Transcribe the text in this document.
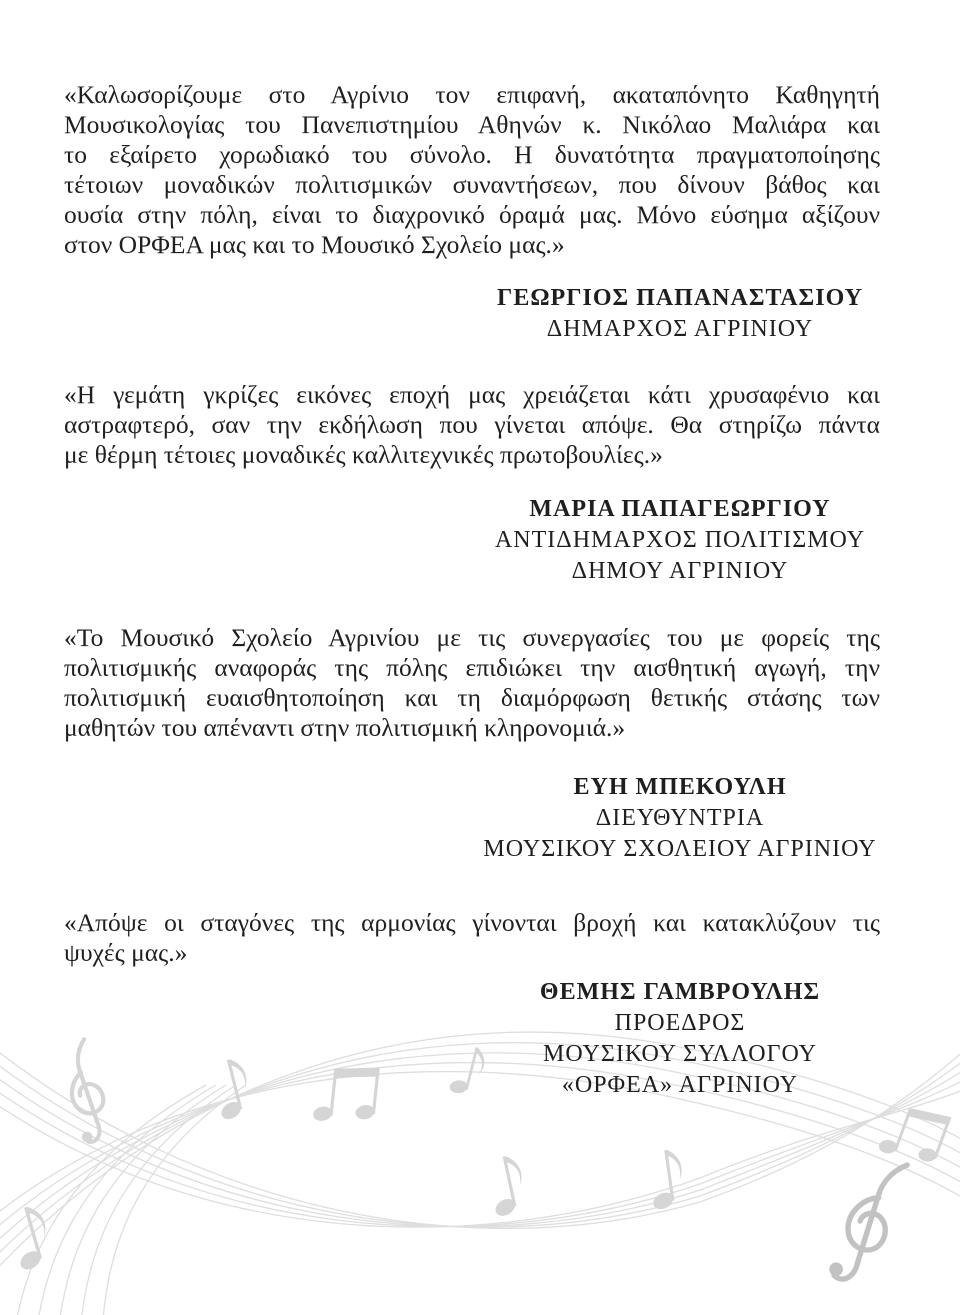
«Καλωσορίζουμε στο Αγρίνιο τον επιφανή, ακαταπόνητο Καθηγητή
Μουσικολογίας του Πανεπιστημίου Αθηνών κ. Νικόλαο Μαλιάρα και
το εξαίρετο χορωδιακό του σύνολο. Η δυνατότητα πραγματοποίησης
τέτοιων μοναδικών πολιτισμικών συναντήσεων, που δίνουν βάθος και
ουσία στην πόλη, είναι το διαχρονικό όραμά μας. Μόνο εύσημα αξίζουν
στον ΟΡΦΕΑ μας και το Μουσικό Σχολείο μας.»
ΓΕΩΡΓΙΟΣ ΠΑΠΑΝΑΣΤΑΣΙΟΥ
ΔΗΜΑΡΧΟΣ ΑΓΡΙΝΙΟΥ
«Η γεμάτη γκρίζες εικόνες εποχή μας χρειάζεται κάτι χρυσαφένιο και
αστραφτερό, σαν την εκδήλωση που γίνεται απόψε. Θα στηρίζω πάντα
με θέρμη τέτοιες μοναδικές καλλιτεχνικές πρωτοβουλίες.»
ΜΑΡΙΑ ΠΑΠΑΓΕΩΡΓΙΟΥ
ΑΝΤΙΔΗΜΑΡΧΟΣ ΠΟΛΙΤΙΣΜΟΥ
ΔΗΜΟΥ ΑΓΡΙΝΙΟΥ
«Το Μουσικό Σχολείο Αγρινίου με τις συνεργασίες του με φορείς της
πολιτισμικής αναφοράς της πόλης επιδιώκει την αισθητική αγωγή, την
πολιτισμική ευαισθητοποίηση και τη διαμόρφωση θετικής στάσης των
μαθητών του απέναντι στην πολιτισμική κληρονομιά.»
ΕΥΗ ΜΠΕΚΟΥΛΗ
ΔΙΕΥΘΥΝΤΡΙΑ
ΜΟΥΣΙΚΟΥ ΣΧΟΛΕΙΟΥ ΑΓΡΙΝΙΟΥ
«Απόψε οι σταγόνες της αρμονίας γίνονται βροχή και κατακλύζουν τις
ψυχές μας.»
ΘΕΜΗΣ ΓΑΜΒΡΟΥΛΗΣ
ΠΡΟΕΔΡΟΣ
ΜΟΥΣΙΚΟΥ ΣΥΛΛΟΓΟΥ
«ΟΡΦΕΑ» ΑΓΡΙΝΙΟΥ
